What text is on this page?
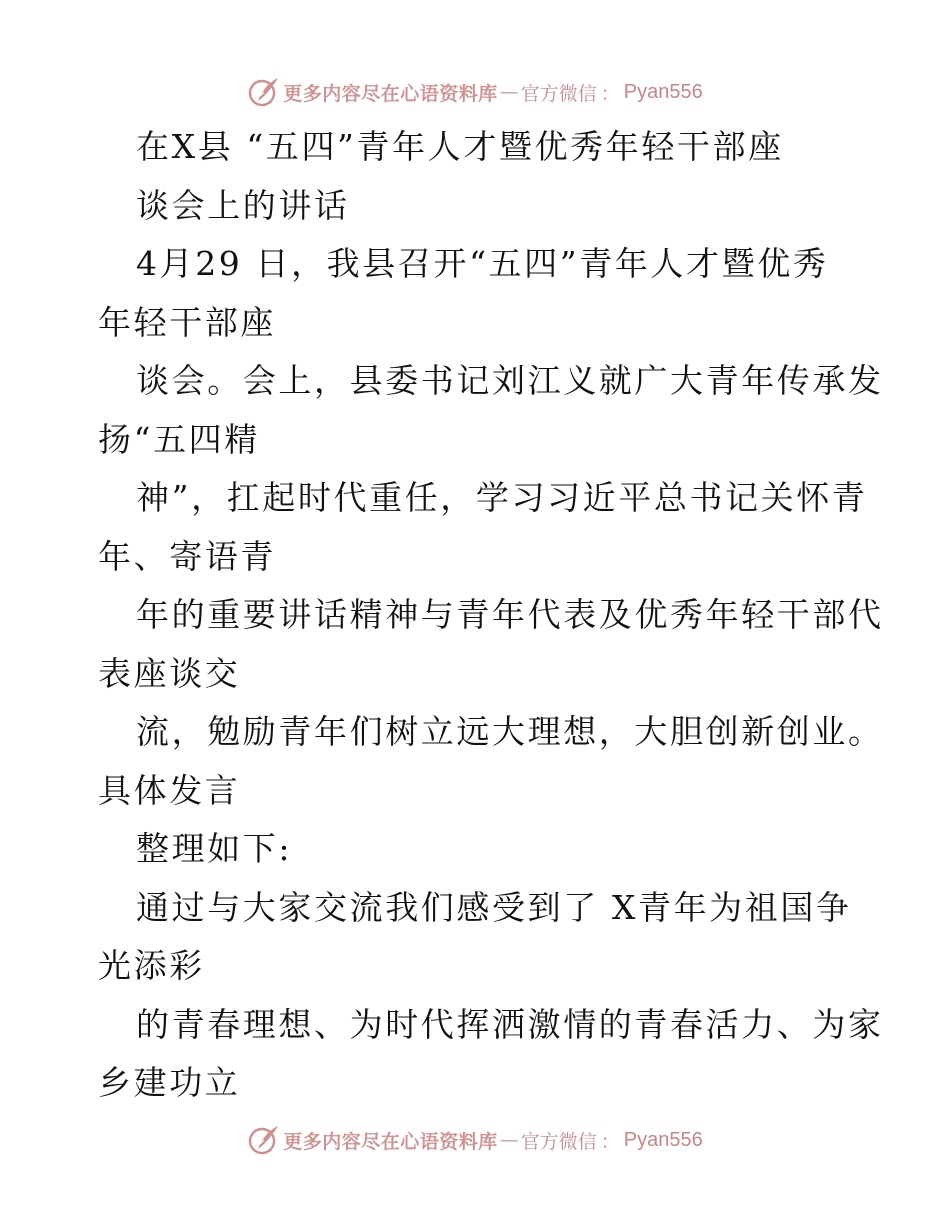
更多内容尽在心语资料库 — 官方微信 ： Pyan556
在X县 “五四”青年人才暨优秀年轻干部座
谈会上的讲话
4月29 日，我县召开“五四”青年人才暨优秀
年轻干部座
谈会。会上，县委书记刘江义就广大青年传承发
扬“五四精
神”，扛起时代重任，学习习近平总书记关怀青
年、寄语青
年的重要讲话精神与青年代表及优秀年轻干部代
表座谈交
流，勉励青年们树立远大理想，大胆创新创业。
具体发言
整理如下:
通过与大家交流我们感受到了 X青年为祖国争
光添彩
的青春理想、为时代挥洒激情的青春活力、为家
乡建功立
更多内容尽在心语资料库 — 官方微信 ： Pyan556
